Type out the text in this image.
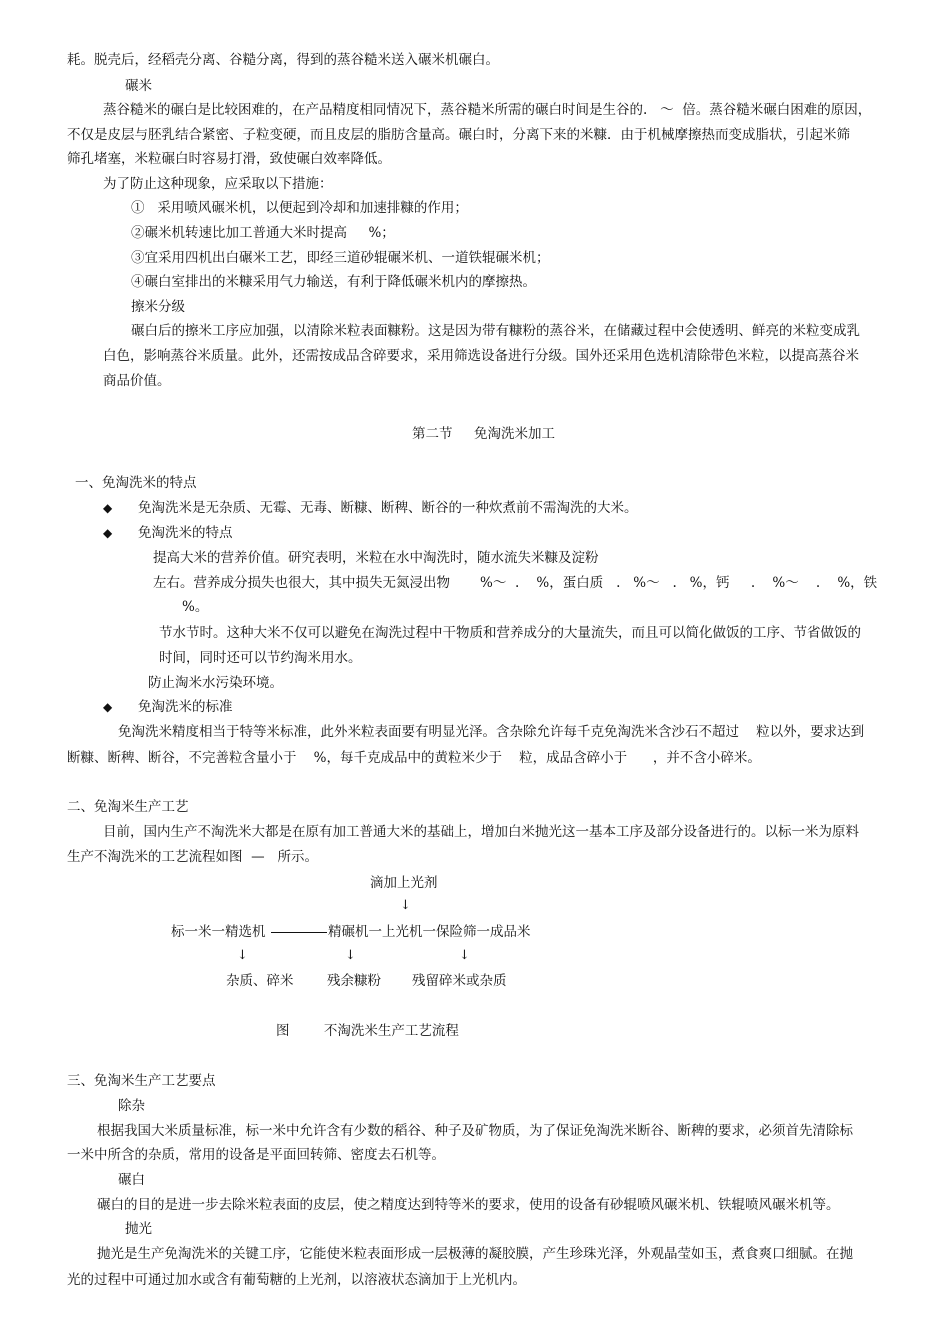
耗。脱壳后，经稻壳分离、谷糙分离，得到的蒸谷糙米送入碾米机碾白。
碾米
蒸谷糙米的碾白是比较困难的，在产品精度相同情况下，蒸谷糙米所需的碾白时间是生谷的.   ～  倍。蒸谷糙米碾白困难的原因，
不仅是皮层与胚乳结合紧密、子粒变硬，而且皮层的脂肪含量高。碾白时，分离下来的米糠．由于机械摩擦热而变成脂状，引起米筛
筛孔堵塞，米粒碾白时容易打滑，致使碾白效率降低。
为了防止这种现象，应采取以下措施：
①   采用喷风碾米机，以便起到冷却和加速排糠的作用；
②碾米机转速比加工普通大米时提高     %；
③宜采用四机出白碾米工艺，即经三道砂辊碾米机、一道铁辊碾米机；
④碾白室排出的米糠采用气力输送，有利于降低碾米机内的摩擦热。
擦米分级
碾白后的擦米工序应加强，以清除米粒表面糠粉。这是因为带有糠粉的蒸谷米，在储藏过程中会使透明、鲜亮的米粒变成乳
白色，影响蒸谷米质量。此外，还需按成品含碎要求，采用筛选设备进行分级。国外还采用色选机清除带色米粒，以提高蒸谷米
商品价值。
第二节     免淘洗米加工
一、免淘洗米的特点
◆ 免淘洗米是无杂质、无霉、无毒、断糠、断稗、断谷的一种炊煮前不需淘洗的大米。
◆ 免淘洗米的特点
提高大米的营养价值。研究表明，米粒在水中淘洗时，随水流失米糠及淀粉
左右。营养成分损失也很大，其中损失无氮浸出物       %～  .    %，蛋白质   .   %～   .   %，钙     .    %～    .    %，铁
%。
节水节时。这种大米不仅可以避免在淘洗过程中干物质和营养成分的大量流失，而且可以简化做饭的工序、节省做饭的
时间，同时还可以节约淘米用水。
防止淘米水污染环境。
◆ 免淘洗米的标准
免淘洗米精度相当于特等米标准，此外米粒表面要有明显光泽。含杂除允许每千克免淘洗米含沙石不超过    粒以外，要求达到
断糠、断稗、断谷，不完善粒含量小于    %，每千克成品中的黄粒米少于    粒，成品含碎小于      ，并不含小碎米。
二、免淘米生产工艺
目前，国内生产不淘洗米大都是在原有加工普通大米的基础上，增加白米抛光这一基本工序及部分设备进行的。以标一米为原料
生产不淘洗米的工艺流程如图  —   所示。
滴加上光剂
↓
标一米一精选机	精碾机一上光机一保险筛一成品米
↓	↓	↓
杂质、碎米 残余糠粉 残留碎米或杂质
图        不淘洗米生产工艺流程
三、免淘米生产工艺要点
除杂
根据我国大米质量标准，标一米中允许含有少数的稻谷、种子及矿物质，为了保证免淘洗米断谷、断稗的要求，必须首先清除标
一米中所含的杂质，常用的设备是平面回转筛、密度去石机等。
碾白
碾白的目的是进一步去除米粒表面的皮层，使之精度达到特等米的要求，使用的设备有砂辊喷风碾米机、铁辊喷风碾米机等。
抛光
抛光是生产免淘洗米的关键工序，它能使米粒表面形成一层极薄的凝胶膜，产生珍珠光泽，外观晶莹如玉，煮食爽口细腻。在抛
光的过程中可通过加水或含有葡萄糖的上光剂，以溶液状态滴加于上光机内。
